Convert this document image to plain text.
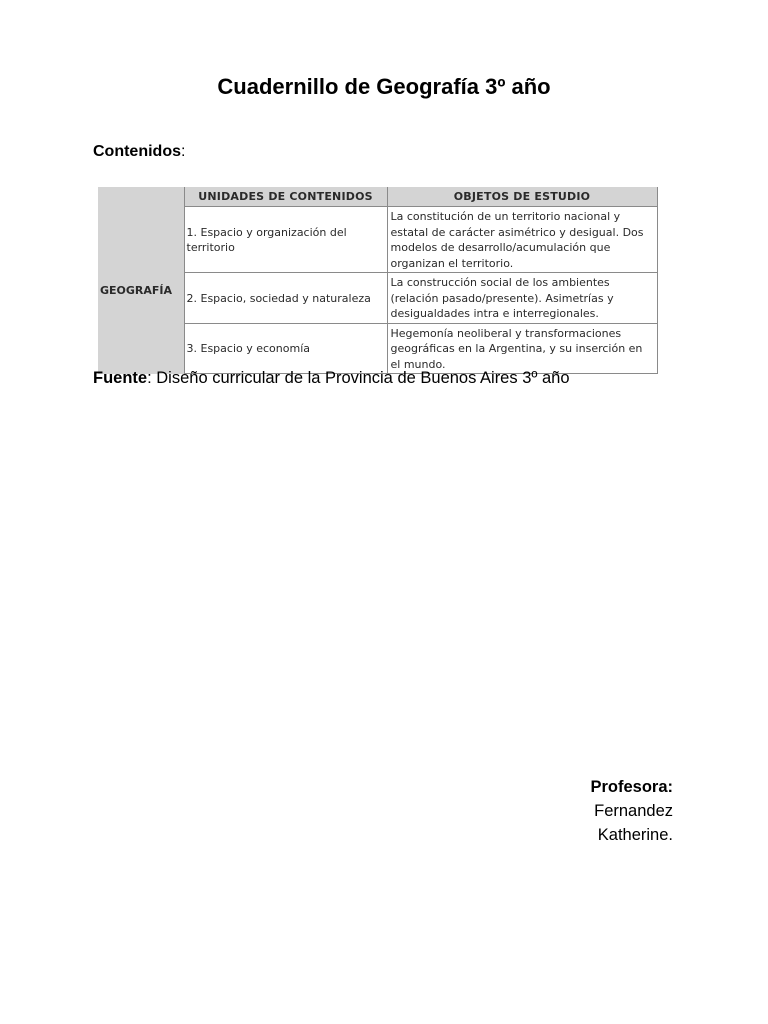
Cuadernillo de Geografía 3º año
Contenidos:
	UNIDADES DE CONTENIDOS	OBJETOS DE ESTUDIO
GEOGRAFÍA	1. Espacio y organización del territorio	La constitución de un territorio nacional y estatal de carácter asimétrico y desigual. Dos modelos de desarrollo/acumulación que organizan el territorio.
	2. Espacio, sociedad y naturaleza	La construcción social de los ambientes (relación pasado/presente). Asimetrías y desigualdades intra e interregionales.
	3. Espacio y economía	Hegemonía neoliberal y transformaciones geográficas en la Argentina, y su inserción en el mundo.
Fuente: Diseño curricular de la Provincia de Buenos Aires 3º año
Profesora:
Fernandez
Katherine.
